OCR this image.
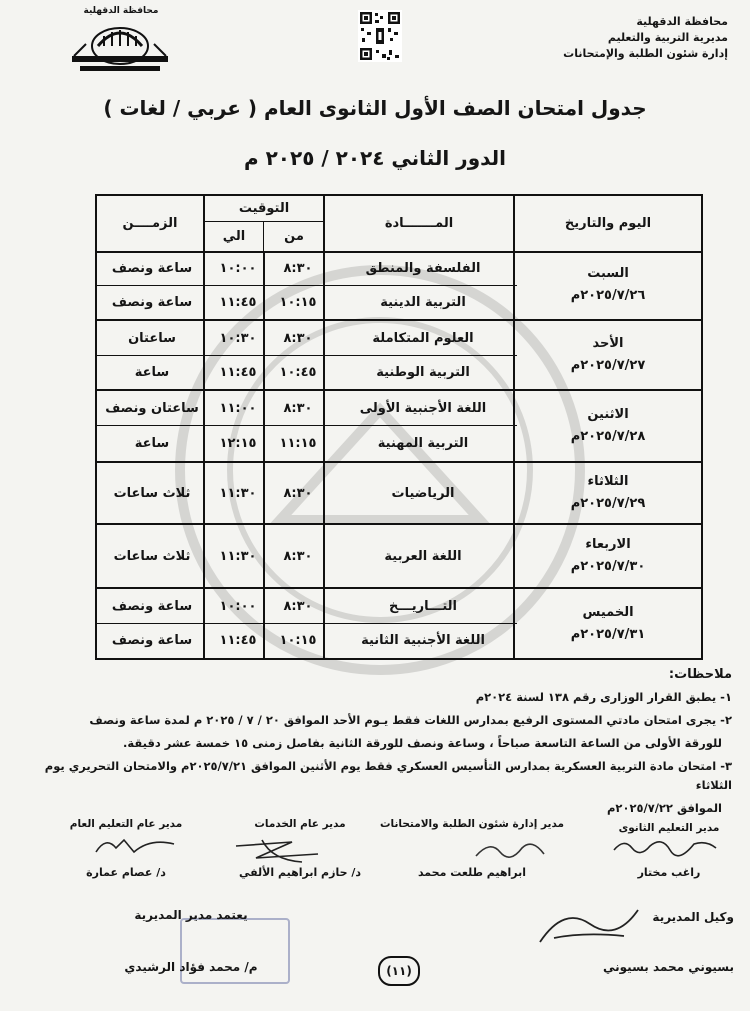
محافظة الدقهلية
مديرية التربية والتعليم
إدارة شئون الطلبة والإمتحانات
محافظة الدقهلية
جدول امتحان الصف الأول الثانوى العام ( عربي / لغات )
الدور الثاني ٢٠٢٤ / ٢٠٢٥ م
اليوم والتاريخ
المـــــــادة
التوقيت
من
الي
الزمــــن
السبت
٢٠٢٥/٧/٢٦م
الفلسفة والمنطق
٨:٣٠
١٠:٠٠
ساعة ونصف
التربية الدينية
١٠:١٥
١١:٤٥
ساعة ونصف
الأحد
٢٠٢٥/٧/٢٧م
العلوم المتكاملة
٨:٣٠
١٠:٣٠
ساعتان
التربية الوطنية
١٠:٤٥
١١:٤٥
ساعة
الاثنين
٢٠٢٥/٧/٢٨م
اللغة الأجنبية الأولى
٨:٣٠
١١:٠٠
ساعتان ونصف
التربية المهنية
١١:١٥
١٢:١٥
ساعة
الثلاثاء
٢٠٢٥/٧/٢٩م
الرياضيات
٨:٣٠
١١:٣٠
ثلاث ساعات
الاربعاء
٢٠٢٥/٧/٣٠م
اللغة العربية
٨:٣٠
١١:٣٠
ثلاث ساعات
الخميس
٢٠٢٥/٧/٣١م
التـــاريـــخ
٨:٣٠
١٠:٠٠
ساعة ونصف
اللغة الأجنبية الثانية
١٠:١٥
١١:٤٥
ساعة ونصف
ملاحظات:
١- يطبق القرار الوزارى رقم ١٣٨ لسنة ٢٠٢٤م
٢- يجرى امتحان مادتي المستوى الرفيع بمدارس اللغات فقط يـوم الأحد الموافق ٢٠ / ٧ / ٢٠٢٥ م لمدة ساعة ونصف
للورقة الأولى من الساعة التاسعة صباحاً ، وساعة ونصف للورقة الثانية بفاصل زمنى ١٥ خمسة عشر دقيقة.
٣- امتحان مادة التربية العسكرية بمدارس التأسيس العسكري فقط يوم الأثنين الموافق ٢٠٢٥/٧/٢١م والامتحان التحريري يوم الثلاثاء
الموافق ٢٠٢٥/٧/٢٢م
مدير التعليم الثانوى
راغب مختار
مدير إدارة شئون الطلبة والامتحانات
ابراهيم طلعت محمد
مدير عام الخدمات
د/ حازم ابراهيم الألفي
مدير عام التعليم العام
د/ عصام عمارة
وكيل المديرية
بسيوني محمد بسيوني
(١١)
يعتمد مدير المديرية
م/ محمد فؤاد الرشيدي
